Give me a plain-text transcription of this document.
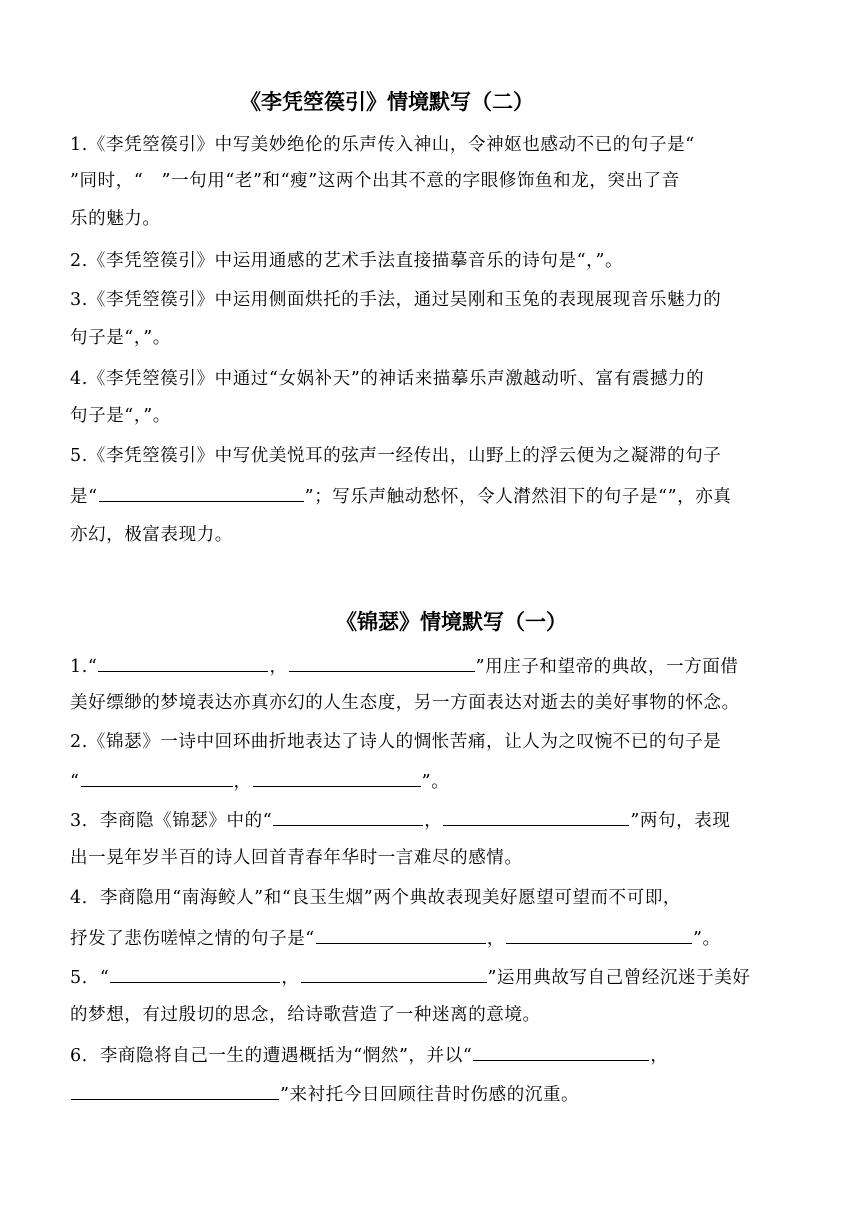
《李凭箜篌引》情境默写（二）
1.《李凭箜篌引》中写美妙绝伦的乐声传入神山，令神妪也感动不已的句子是“
”同时，“　”一句用“老”和“瘦”这两个出其不意的字眼修饰鱼和龙，突出了音
乐的魅力。
2.《李凭箜篌引》中运用通感的艺术手法直接描摹音乐的诗句是“，”。
3.《李凭箜篌引》中运用侧面烘托的手法，通过吴刚和玉兔的表现展现音乐魅力的
句子是“，”。
4.《李凭箜篌引》中通过“女娲补天”的神话来描摹乐声激越动听、富有震撼力的
句子是“，”。
5.《李凭箜篌引》中写优美悦耳的弦声一经传出，山野上的浮云便为之凝滞的句子
是“	”；写乐声触动愁怀，令人潸然泪下的句子是“”，亦真
亦幻，极富表现力。
《锦瑟》情境默写（一）
1.“	，	”用庄子和望帝的典故，一方面借
美好缥缈的梦境表达亦真亦幻的人生态度，另一方面表达对逝去的美好事物的怀念。
2.《锦瑟》一诗中回环曲折地表达了诗人的惆怅苦痛，让人为之叹惋不已的句子是
“	，	”。
3．李商隐《锦瑟》中的“	，	”两句，表现
出一晃年岁半百的诗人回首青春年华时一言难尽的感情。
4．李商隐用“南海鲛人”和“良玉生烟”两个典故表现美好愿望可望而不可即，
抒发了悲伤嗟悼之情的句子是“	，	”。
5．“	，	”运用典故写自己曾经沉迷于美好
的梦想，有过殷切的思念，给诗歌营造了一种迷离的意境。
6．李商隐将自己一生的遭遇概括为“惘然”，并以“	，
”来衬托今日回顾往昔时伤感的沉重。
